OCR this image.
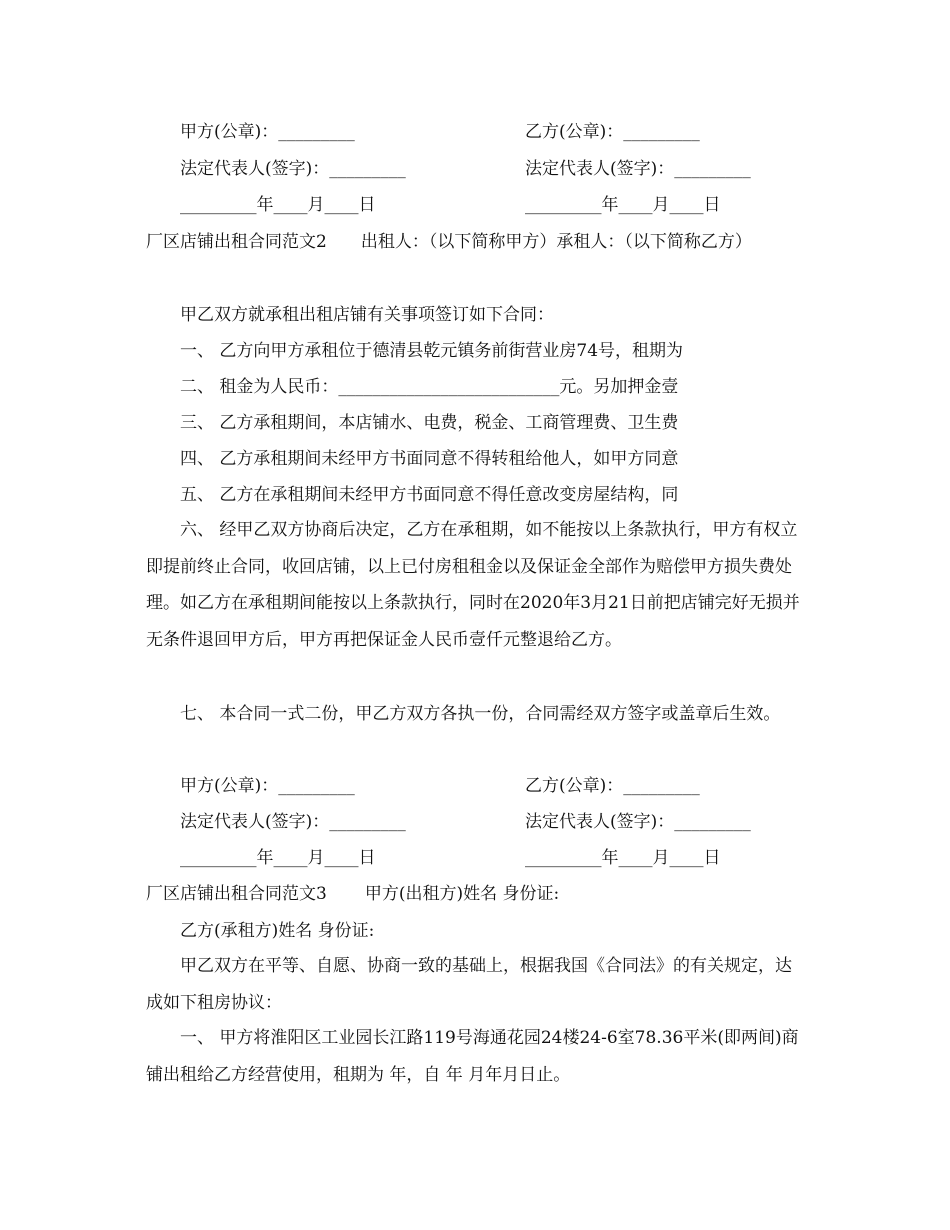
甲方(公章)：_________	乙方(公章)：_________
法定代表人(签字)：_________	法定代表人(签字)：_________
_________年____月____日	_________年____月____日
厂区店铺出租合同范文2　　出租人：（以下简称甲方）承租人：（以下简称乙方）
甲乙双方就承租出租店铺有关事项签订如下合同：
一、 乙方向甲方承租位于德清县乾元镇务前街营业房74号，租期为
二、 租金为人民币：__________________________元。另加押金壹
三、 乙方承租期间，本店铺水、电费，税金、工商管理费、卫生费
四、 乙方承租期间未经甲方书面同意不得转租给他人，如甲方同意
五、 乙方在承租期间未经甲方书面同意不得任意改变房屋结构，同
六、 经甲乙双方协商后决定，乙方在承租期，如不能按以上条款执行，甲方有权立即提前终止合同，收回店铺，以上已付房租租金以及保证金全部作为赔偿甲方损失费处理。如乙方在承租期间能按以上条款执行，同时在2020年3月21日前把店铺完好无损并无条件退回甲方后，甲方再把保证金人民币壹仟元整退给乙方。
七、 本合同一式二份，甲乙方双方各执一份，合同需经双方签字或盖章后生效。
甲方(公章)：_________	乙方(公章)：_________
法定代表人(签字)：_________	法定代表人(签字)：_________
_________年____月____日	_________年____月____日
厂区店铺出租合同范文3 甲方(出租方)姓名 身份证:
乙方(承租方)姓名 身份证:
甲乙双方在平等、自愿、协商一致的基础上，根据我国《合同法》的有关规定，达成如下租房协议：
一、 甲方将淮阳区工业园长江路119号海通花园24楼24-6室78.36平米(即两间)商铺出租给乙方经营使用，租期为 年，自 年 月年月日止。
